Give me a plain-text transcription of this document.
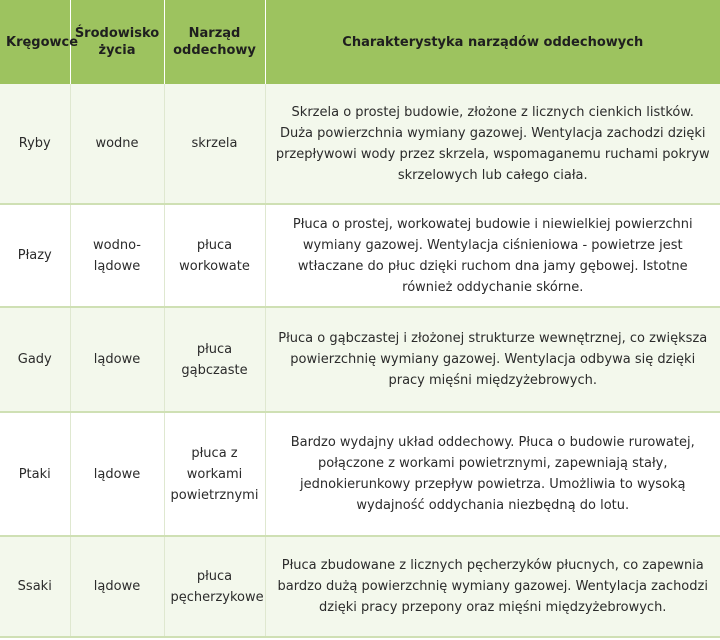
Kręgowce	Środowisko życia	Narząd oddechowy	Charakterystyka narządów oddechowych
Ryby	wodne	skrzela	Skrzela o prostej budowie, złożone z licznych cienkich listków. Duża powierzchnia wymiany gazowej. Wentylacja zachodzi dzięki przepływowi wody przez skrzela, wspomaganemu ruchami pokryw skrzelowych lub całego ciała.
Płazy	wodno-lądowe	płuca workowate	Płuca o prostej, workowatej budowie i niewielkiej powierzchni wymiany gazowej. Wentylacja ciśnieniowa - powietrze jest wtłaczane do płuc dzięki ruchom dna jamy gębowej. Istotne również oddychanie skórne.
Gady	lądowe	płuca gąbczaste	Płuca o gąbczastej i złożonej strukturze wewnętrznej, co zwiększa powierzchnię wymiany gazowej. Wentylacja odbywa się dzięki pracy mięśni międzyżebrowych.
Ptaki	lądowe	płuca z workami powietrznymi	Bardzo wydajny układ oddechowy. Płuca o budowie rurowatej, połączone z workami powietrznymi, zapewniają stały, jednokierunkowy przepływ powietrza. Umożliwia to wysoką wydajność oddychania niezbędną do lotu.
Ssaki	lądowe	płuca pęcherzykowe	Płuca zbudowane z licznych pęcherzyków płucnych, co zapewnia bardzo dużą powierzchnię wymiany gazowej. Wentylacja zachodzi dzięki pracy przepony oraz mięśni międzyżebrowych.
